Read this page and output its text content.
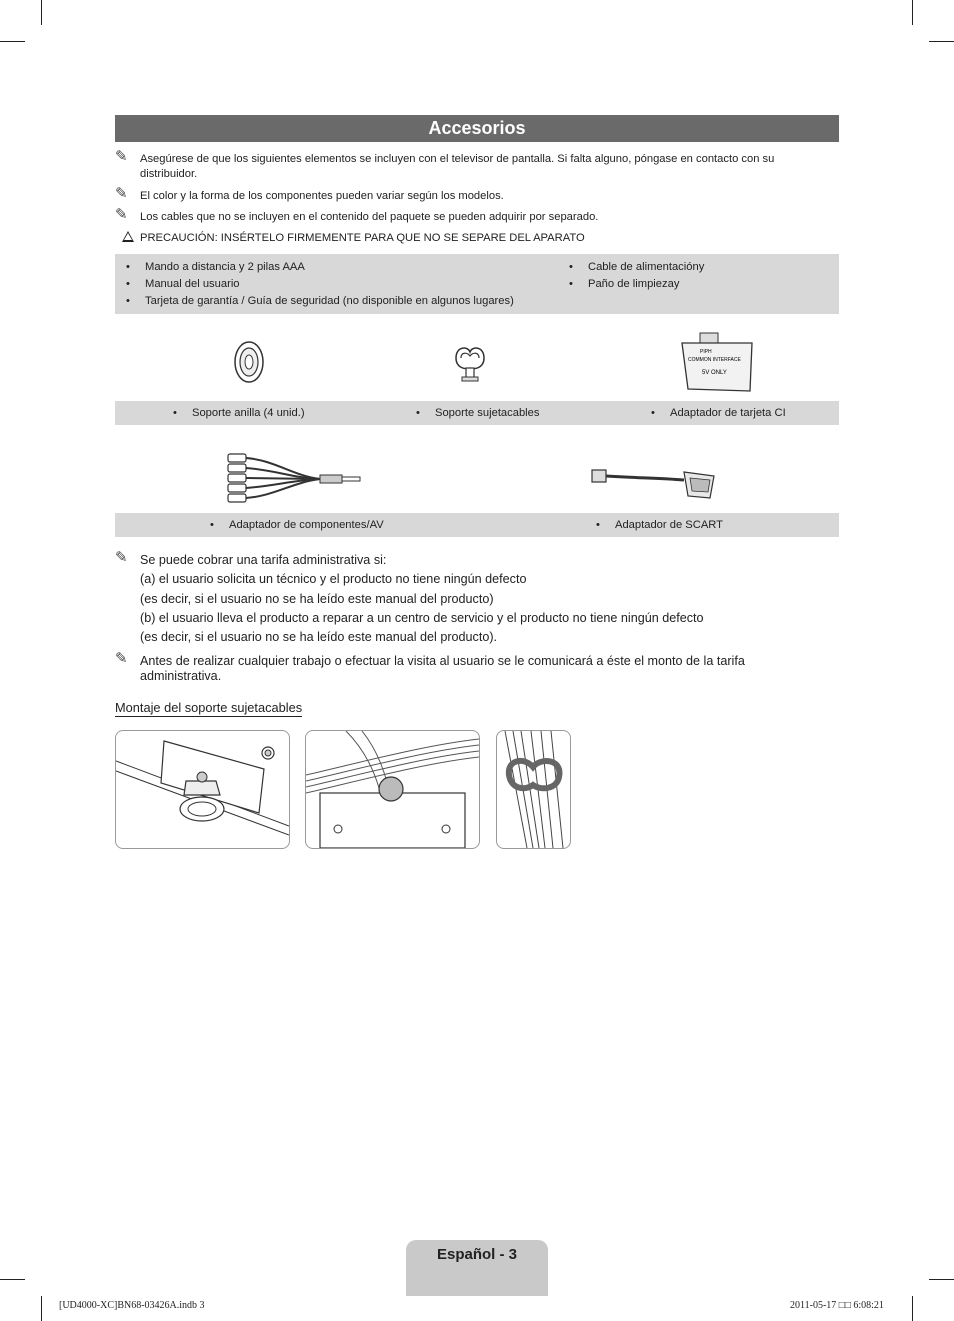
Accesorios
✎ Asegúrese de que los siguientes elementos se incluyen con el televisor de pantalla. Si falta alguno, póngase en contacto con su distribuidor.
✎ El color y la forma de los componentes pueden variar según los modelos.
✎ Los cables que no se incluyen en el contenido del paquete se pueden adquirir por separado.
PRECAUCIÓN: INSÉRTELO FIRMEMENTE PARA QUE NO SE SEPARE DEL APARATO
• Mando a distancia y 2 pilas AAA
• Manual del usuario
• Tarjeta de garantía / Guía de seguridad (no disponible en algunos lugares)
• Cable de alimentacióny
• Paño de limpiezay
PIPH
COMMON INTERFACE
5V ONLY
• Soporte anilla (4 unid.)	• Soporte sujetacables	• Adaptador de tarjeta CI
• Adaptador de componentes/AV	• Adaptador de SCART
✎ Se puede cobrar una tarifa administrativa si:
(a) el usuario solicita un técnico y el producto no tiene ningún defecto
(es decir, si el usuario no se ha leído este manual del producto)
(b) el usuario lleva el producto a reparar a un centro de servicio y el producto no tiene ningún defecto
(es decir, si el usuario no se ha leído este manual del producto).
✎ Antes de realizar cualquier trabajo o efectuar la visita al usuario se le comunicará a éste el monto de la tarifa administrativa.
Montaje del soporte sujetacables
Español - 3
[UD4000-XC]BN68-03426A.indb 3	2011-05-17 □□ 6:08:21
